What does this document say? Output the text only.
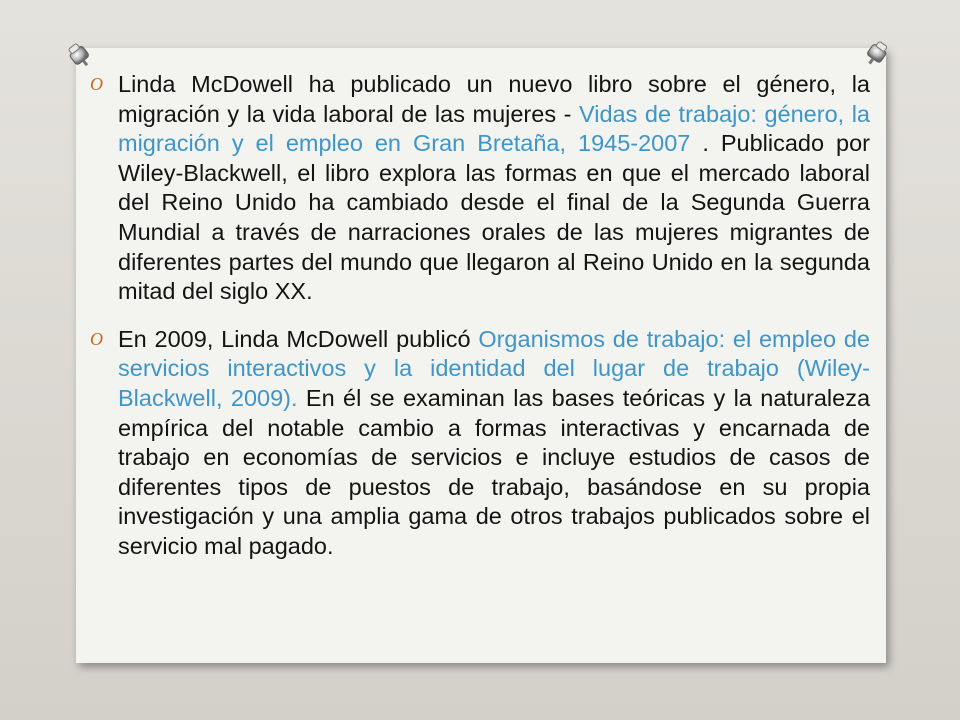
O Linda McDowell ha publicado un nuevo libro sobre el género, la migración y la vida laboral de las mujeres - Vidas de trabajo: género, la migración y el empleo en Gran Bretaña, 1945-2007 . Publicado por Wiley-Blackwell, el libro explora las formas en que el mercado laboral del Reino Unido ha cambiado desde el final de la Segunda Guerra Mundial a través de narraciones orales de las mujeres migrantes de diferentes partes del mundo que llegaron al Reino Unido en la segunda mitad del siglo XX.
O En 2009, Linda McDowell publicó Organismos de trabajo: el empleo de servicios interactivos y la identidad del lugar de trabajo (Wiley-Blackwell, 2009). En él se examinan las bases teóricas y la naturaleza empírica del notable cambio a formas interactivas y encarnada de trabajo en economías de servicios e incluye estudios de casos de diferentes tipos de puestos de trabajo, basándose en su propia investigación y una amplia gama de otros trabajos publicados sobre el servicio mal pagado.
